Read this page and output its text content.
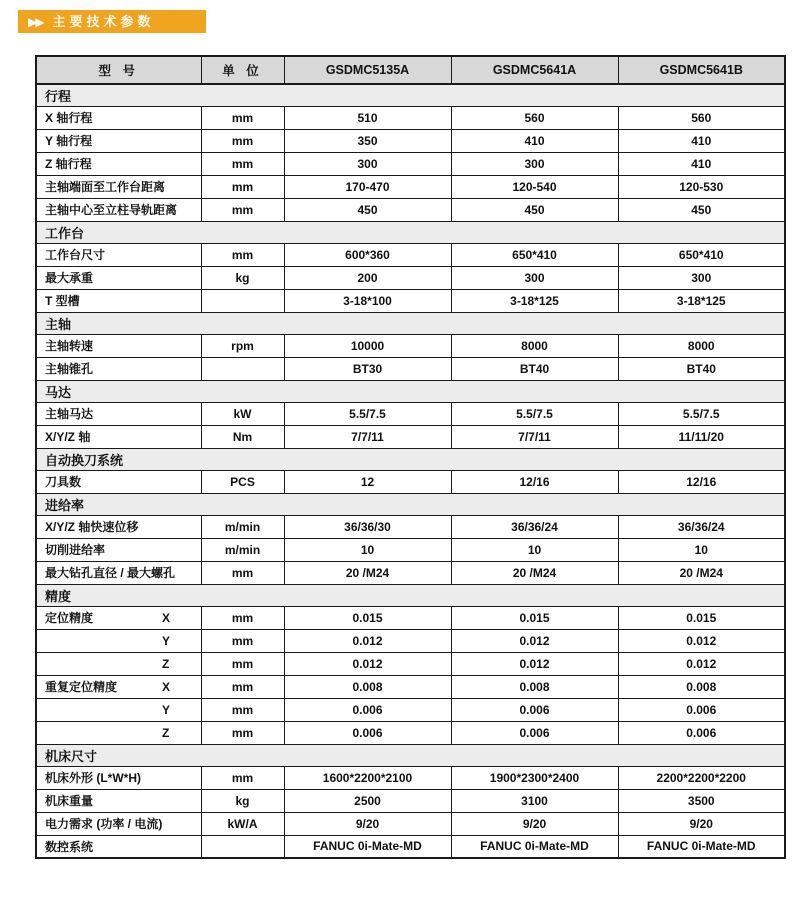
▶▶ 主要技术参数
型 号	单 位	GSDMC5135A	GSDMC5641A	GSDMC5641B
行程				
X 轴行程	mm	510	560	560
Y 轴行程	mm	350	410	410
Z 轴行程	mm	300	300	410
主轴端面至工作台距离	mm	170-470	120-540	120-530
主轴中心至立柱导轨距离	mm	450	450	450
工作台				
工作台尺寸	mm	600*360	650*410	650*410
最大承重	kg	200	300	300
T 型槽		3-18*100	3-18*125	3-18*125
主轴				
主轴转速	rpm	10000	8000	8000
主轴锥孔		BT30	BT40	BT40
马达				
主轴马达	kW	5.5/7.5	5.5/7.5	5.5/7.5
X/Y/Z 轴	Nm	7/7/11	7/7/11	11/11/20
自动换刀系统				
刀具数	PCS	12	12/16	12/16
进给率				
X/Y/Z 轴快速位移	m/min	36/36/30	36/36/24	36/36/24
切削进给率	m/min	10	10	10
最大钻孔直径 / 最大螺孔	mm	20 /M24	20 /M24	20 /M24
精度				
定位精度 X	mm	0.015	0.015	0.015

Y	mm	0.012	0.012	0.012

Z	mm	0.012	0.012	0.012
重复定位精度 X	mm	0.008	0.008	0.008

Y	mm	0.006	0.006	0.006

Z	mm	0.006	0.006	0.006
机床尺寸				
机床外形 (L*W*H)	mm	1600*2200*2100	1900*2300*2400	2200*2200*2200
机床重量	kg	2500	3100	3500
电力需求 (功率 / 电流)	kW/A	9/20	9/20	9/20
数控系统		FANUC 0i-Mate-MD	FANUC 0i-Mate-MD	FANUC 0i-Mate-MD
